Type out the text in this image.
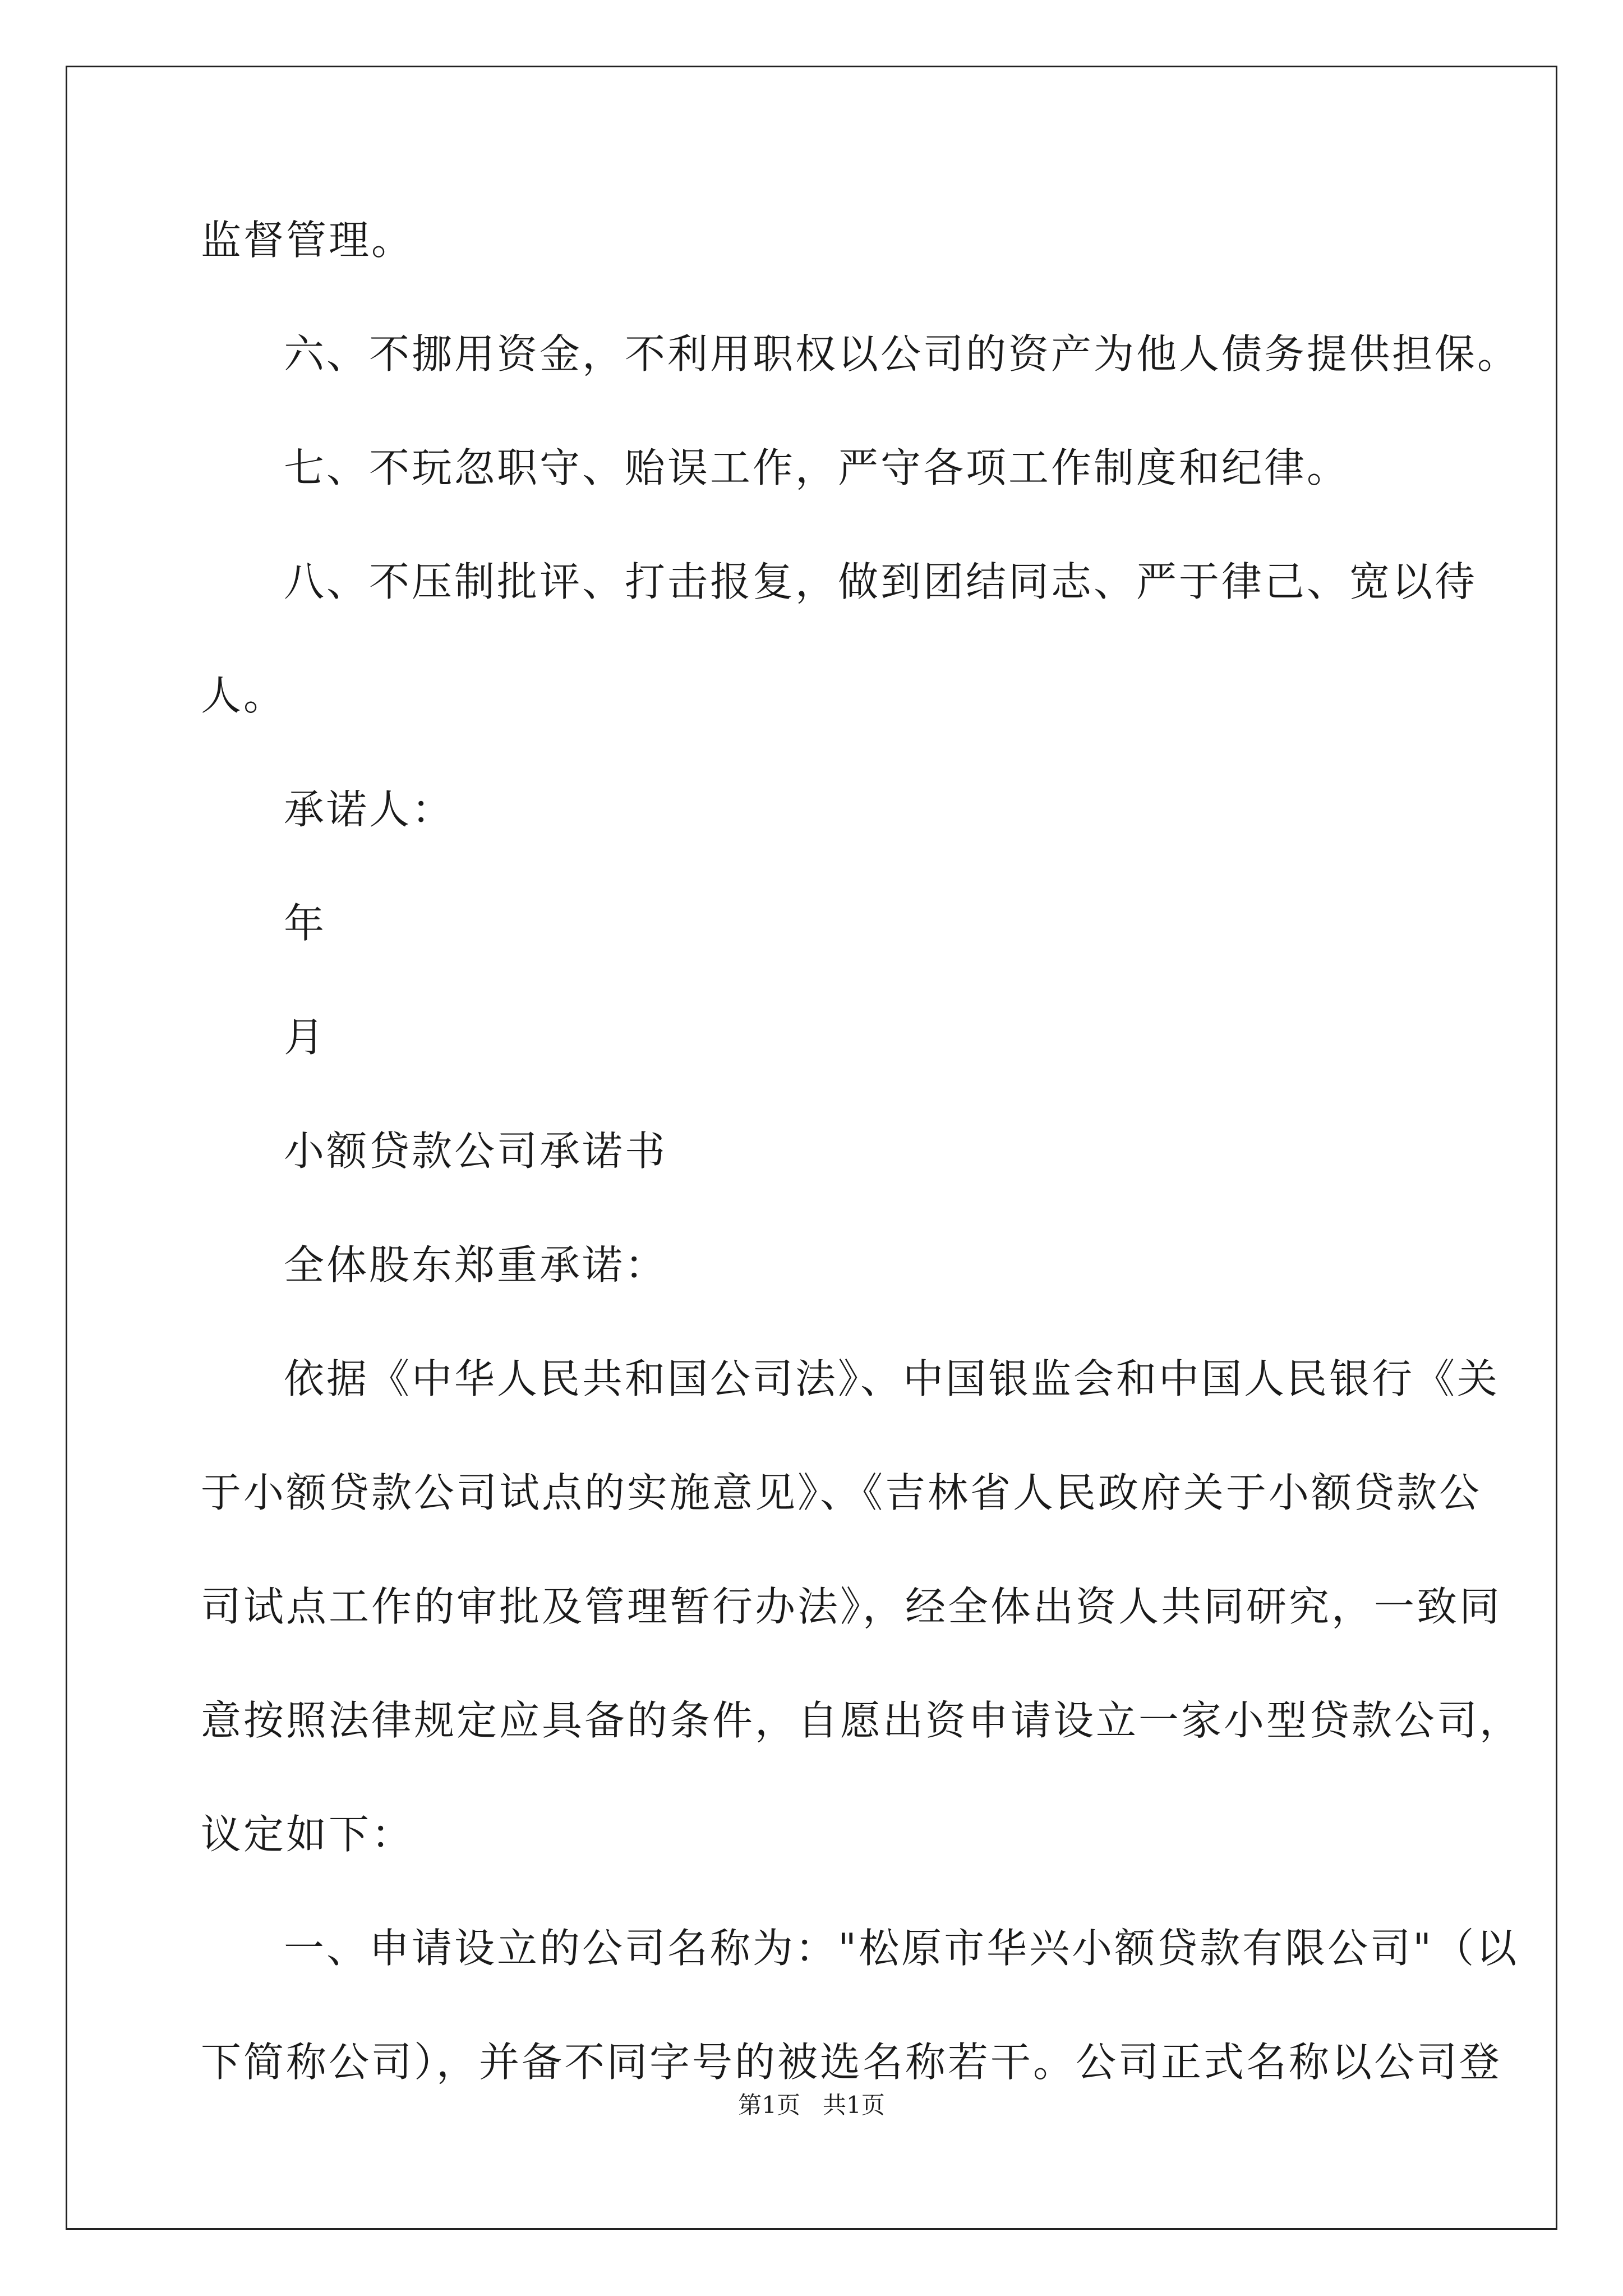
监督管理。
六、不挪用资金，不利用职权以公司的资产为他人债务提供担保。
七、不玩忽职守、贻误工作，严守各项工作制度和纪律。
八、不压制批评、打击报复，做到团结同志、严于律己、宽以待
人。
承诺人：
年
月
小额贷款公司承诺书
全体股东郑重承诺：
依据《中华人民共和国公司法》、中国银监会和中国人民银行《关
于小额贷款公司试点的实施意见》、《吉林省人民政府关于小额贷款公
司试点工作的审批及管理暂行办法》，经全体出资人共同研究，一致同
意按照法律规定应具备的条件，自愿出资申请设立一家小型贷款公司，
议定如下：
一、申请设立的公司名称为："松原市华兴小额贷款有限公司"（以
下简称公司），并备不同字号的被选名称若干。公司正式名称以公司登
第1页   共1页
